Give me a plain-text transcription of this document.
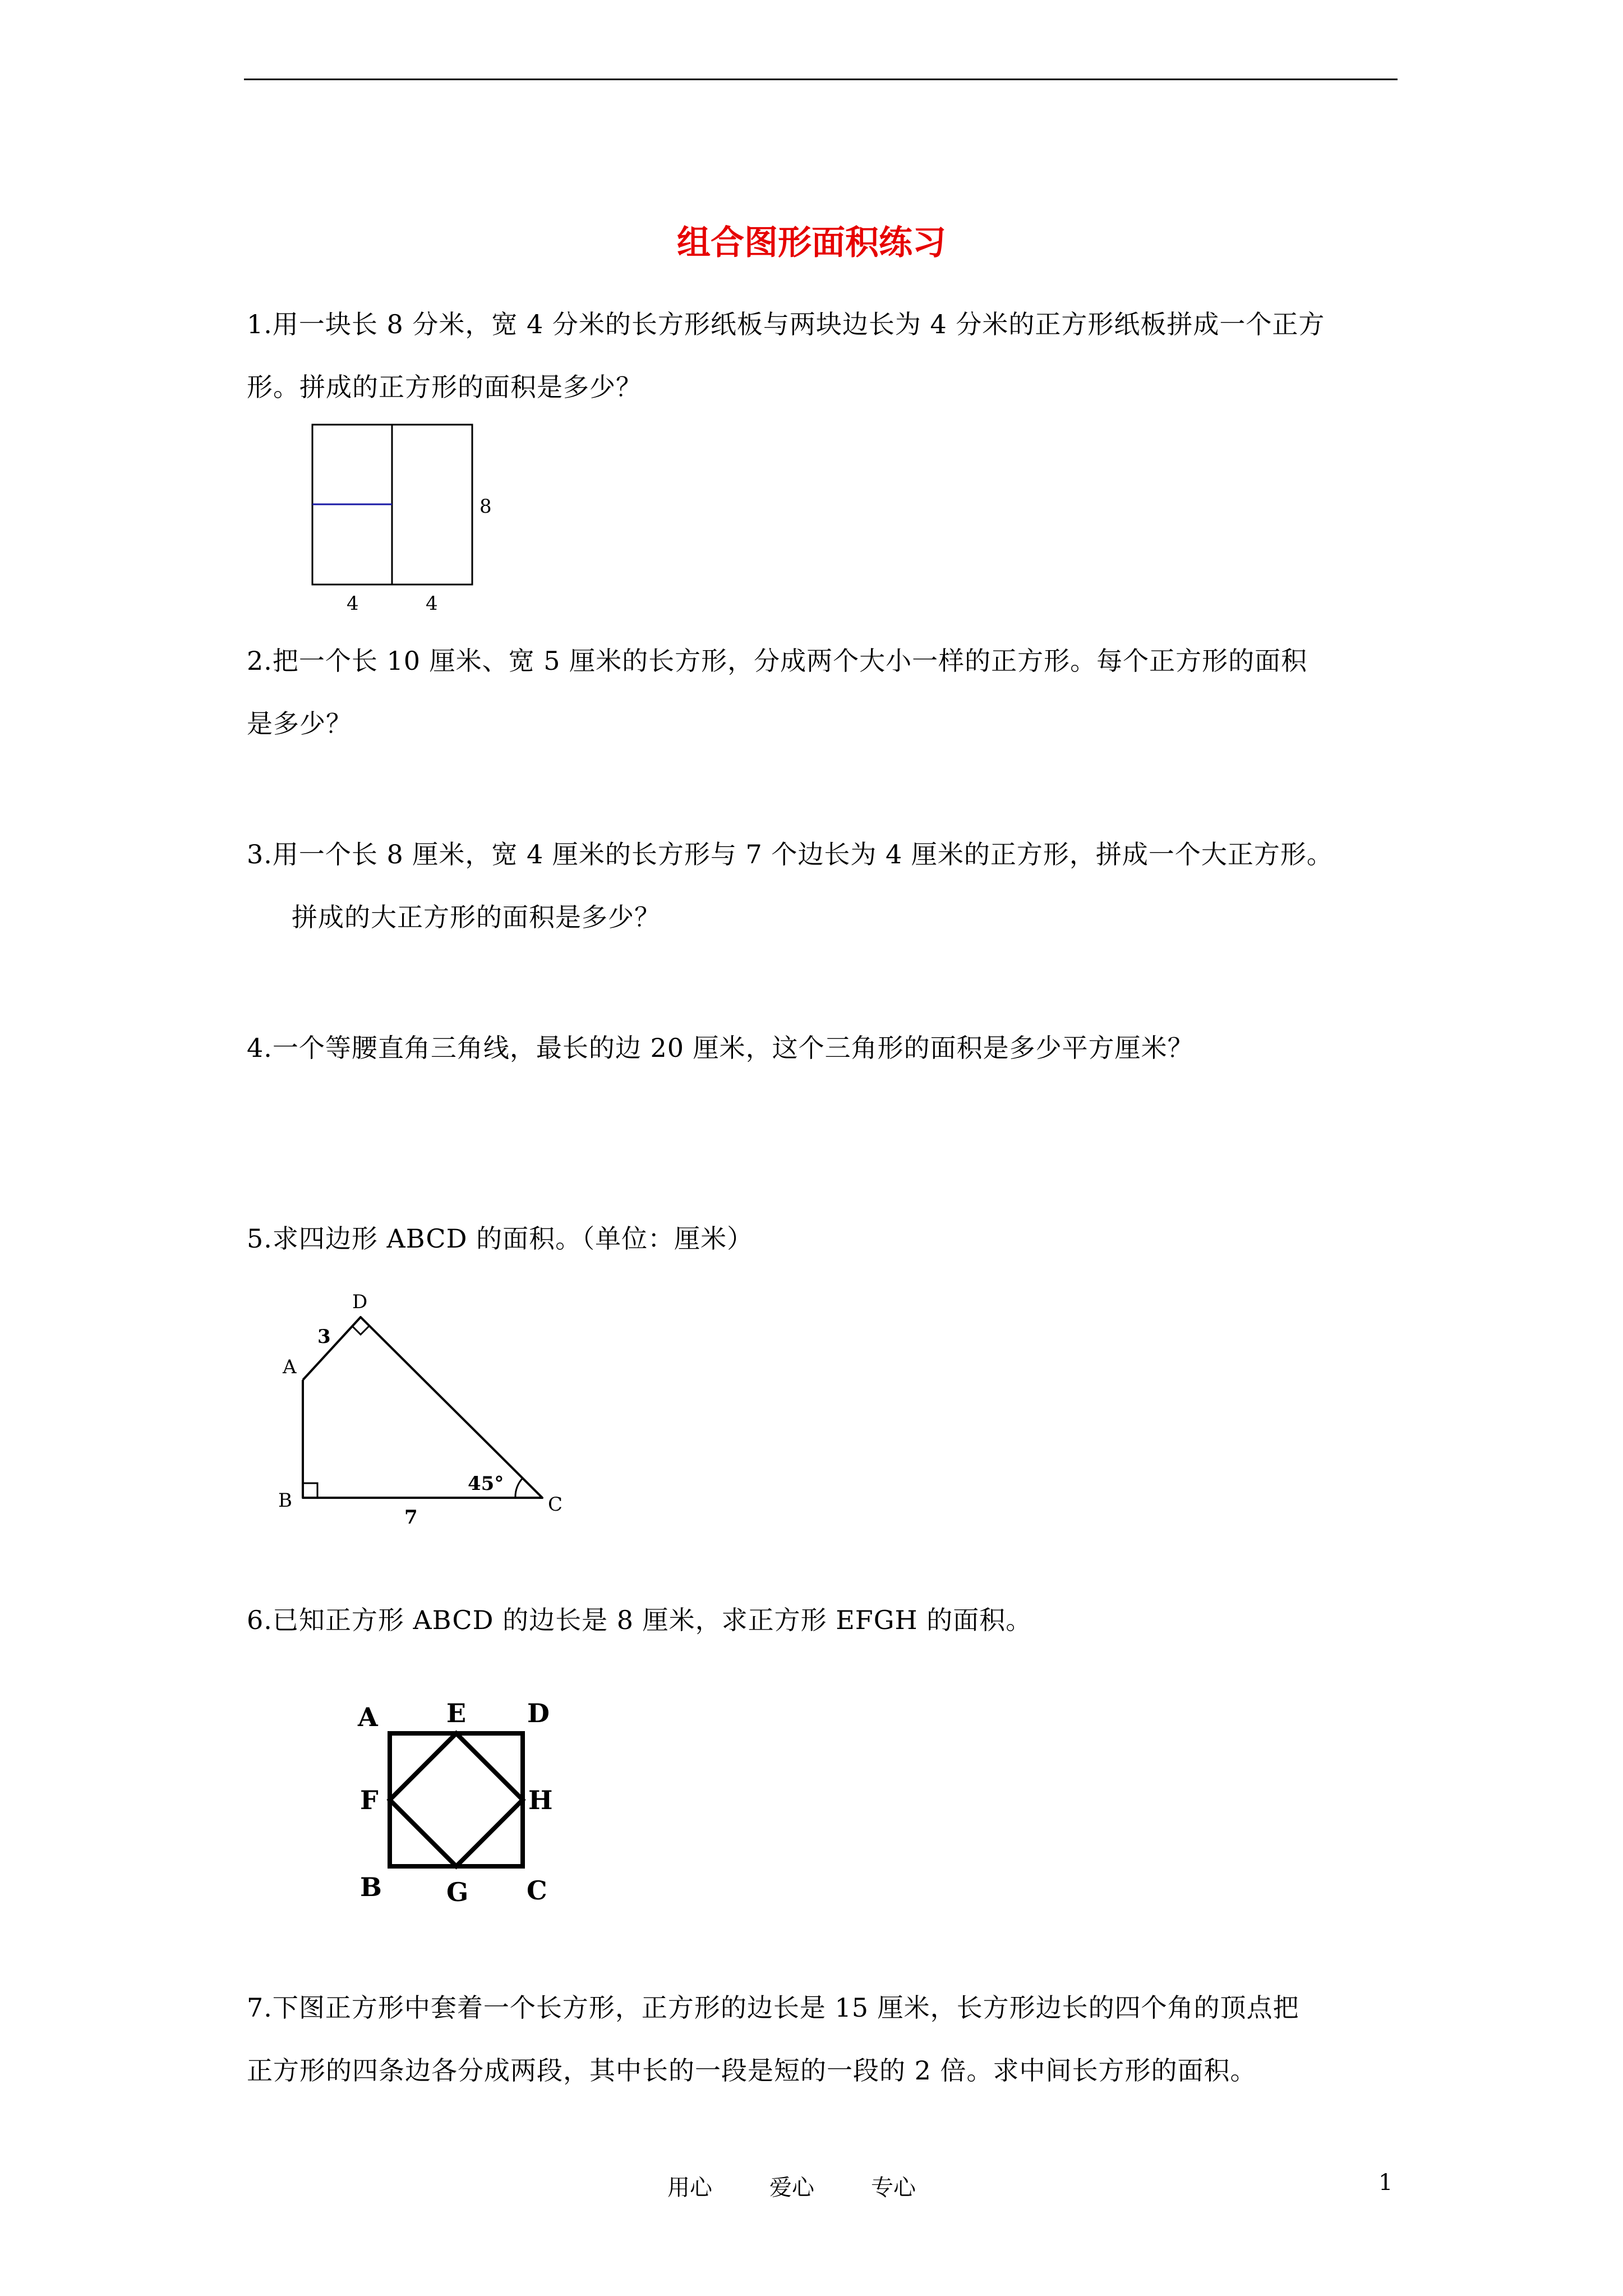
组合图形面积练习

1.用一块长 8 分米，宽 4 分米的长方形纸板与两块边长为 4 分米的正方形纸板拼成一个正方

形。拼成的正方形的面积是多少？

8
4	4

2.把一个长 10 厘米、宽 5 厘米的长方形，分成两个大小一样的正方形。每个正方形的面积

是多少？

3.用一个长 8 厘米，宽 4 厘米的长方形与 7 个边长为 4 厘米的正方形，拼成一个大正方形。

拼成的大正方形的面积是多少？

4.一个等腰直角三角线，最长的边 20 厘米，这个三角形的面积是多少平方厘米？

5.求四边形 ABCD 的面积。（单位：厘米）

D
A
B	C
3
7
45°

6.已知正方形 ABCD 的边长是 8 厘米，求正方形 EFGH 的面积。

A	E D
F	H
B	G C

7.下图正方形中套着一个长方形，正方形的边长是 15 厘米，长方形边长的四个角的顶点把

正方形的四条边各分成两段，其中长的一段是短的一段的 2 倍。求中间长方形的面积。

用心	爱心	专心	1
